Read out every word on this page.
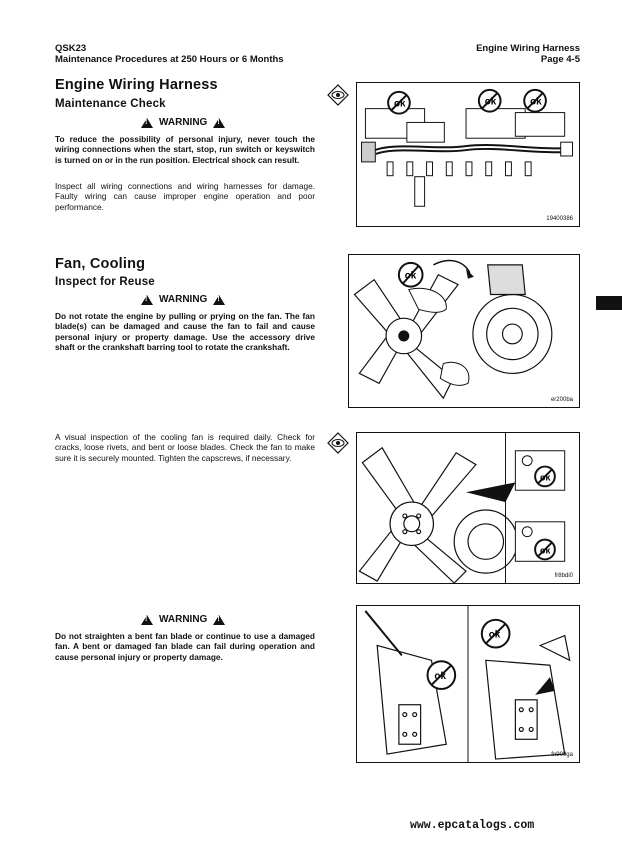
QSK23
Maintenance Procedures at 250 Hours or 6 Months
Engine Wiring Harness
Page 4-5
Engine Wiring Harness
Maintenance Check
!
WARNING
!
To reduce the possibility of personal injury, never touch the wiring connections when the start, stop, run switch or keyswitch is turned on or in the run position. Electrical shock can result.
Inspect all wiring connections and wiring harnesses for damage. Faulty wiring can cause improper engine operation and poor performance.
ok	ok	ok
19400386
Fan, Cooling
Inspect for Reuse
!
WARNING
!
Do not rotate the engine by pulling or prying on the fan. The fan blade(s) can be damaged and cause the fan to fail and cause personal injury or property damage. Use the accessory drive shaft or the crankshaft barring tool to rotate the crankshaft.
ok
er200ba
A visual inspection of the cooling fan is required daily. Check for cracks, loose rivets, and bent or loose blades. Check the fan to make sure it is securely mounted. Tighten the capscrews, if necessary.
ok
ok
fr8bdi0
!
WARNING
!
Do not straighten a bent fan blade or continue to use a damaged fan. A bent or damaged fan blade can fail during operation and cause personal injury or property damage.
ok
ok
fn900ga
www.epcatalogs.com
